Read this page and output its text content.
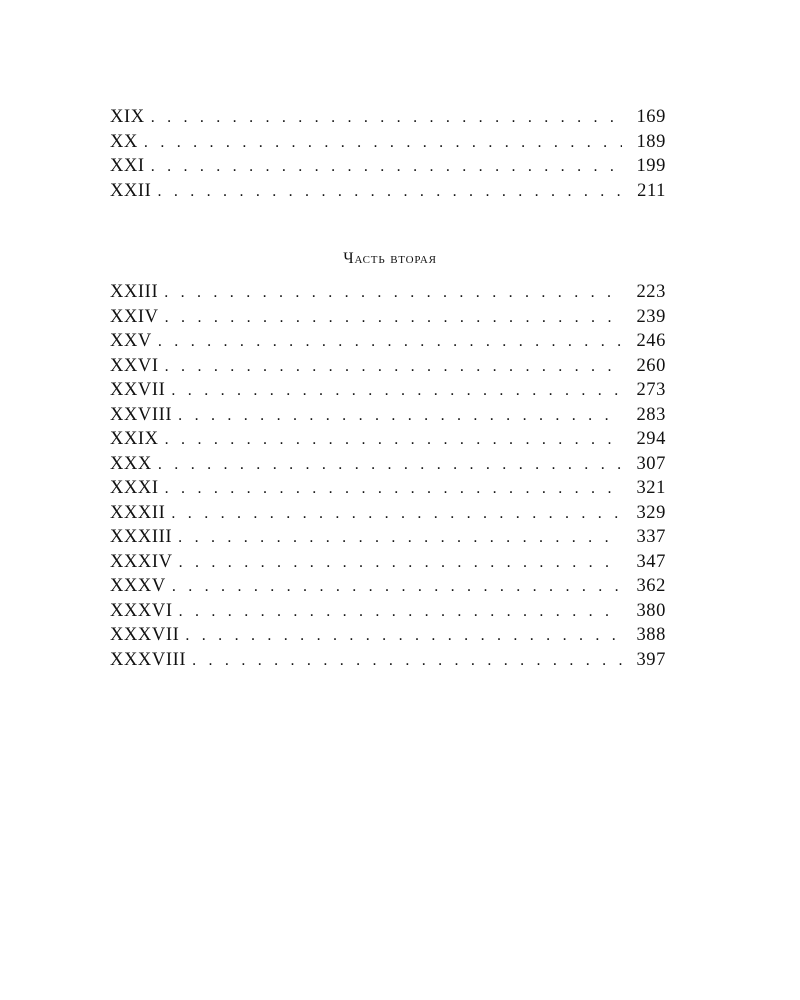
XIX . . .	169
XX . . .	189
XXI . . .	199
XXII . . .	211
Часть вторая
XXIII . . .	223
XXIV . . .	239
XXV . . .	246
XXVI . . .	260
XXVII . . .	273
XXVIII . . .	283
XXIX . . .	294
XXX . . .	307
XXXI . . .	321
XXXII . . .	329
XXXIII . . .	337
XXXIV . . .	347
XXXV . . .	362
XXXVI . . .	380
XXXVII . . .	388
XXXVIII . . .	397
